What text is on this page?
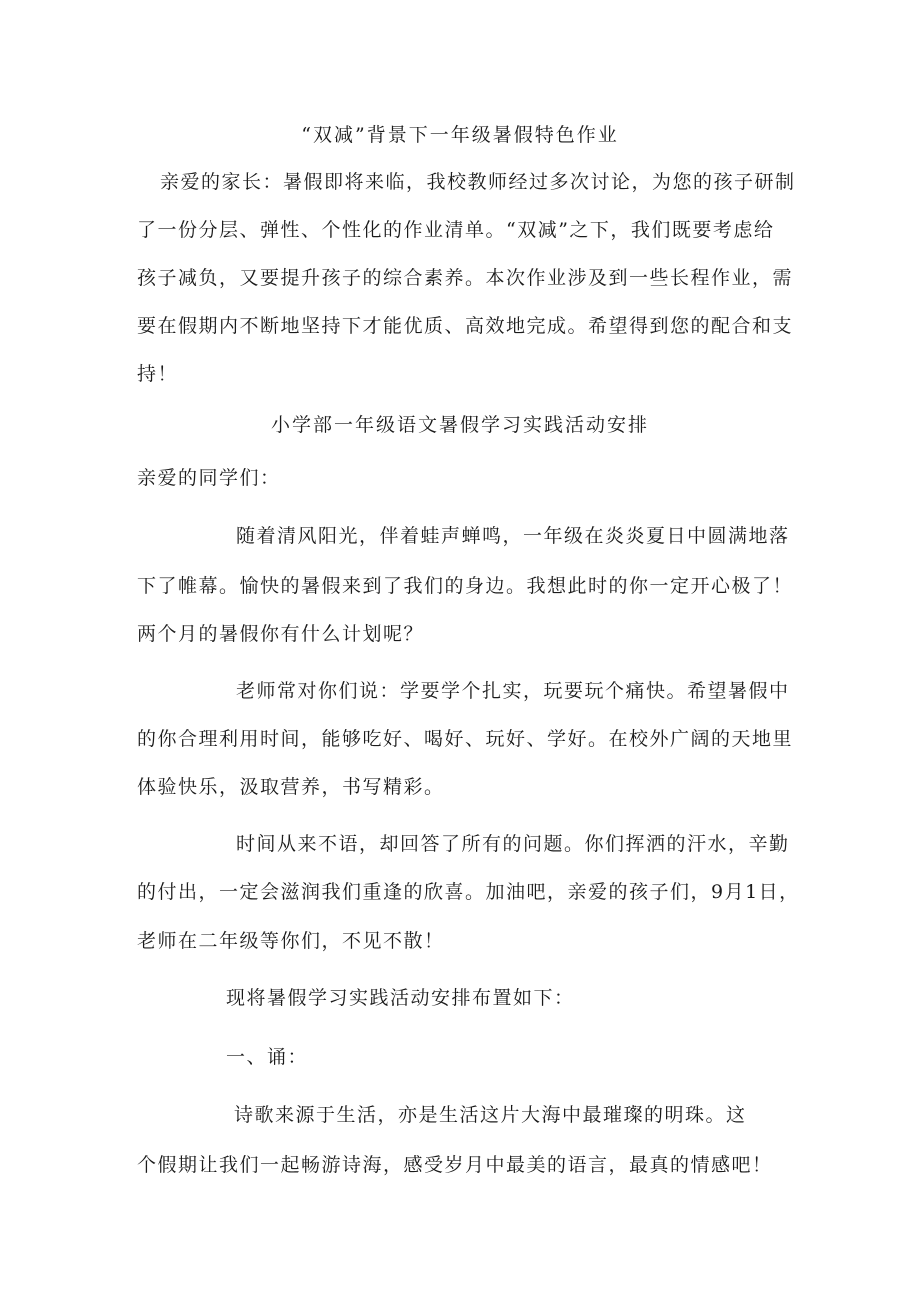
“双减”背景下一年级暑假特色作业
亲爱的家长：暑假即将来临，我校教师经过多次讨论，为您的孩子研制
了一份分层、弹性、个性化的作业清单。“双减”之下，我们既要考虑给
孩子减负，又要提升孩子的综合素养。本次作业涉及到一些长程作业，需
要在假期内不断地坚持下才能优质、高效地完成。希望得到您的配合和支
持！
小学部一年级语文暑假学习实践活动安排
亲爱的同学们：
随着清风阳光，伴着蛙声蝉鸣，一年级在炎炎夏日中圆满地落
下了帷幕。愉快的暑假来到了我们的身边。我想此时的你一定开心极了！
两个月的暑假你有什么计划呢？
老师常对你们说：学要学个扎实，玩要玩个痛快。希望暑假中
的你合理利用时间，能够吃好、喝好、玩好、学好。在校外广阔的天地里
体验快乐，汲取营养，书写精彩。
时间从来不语，却回答了所有的问题。你们挥洒的汗水，辛勤
的付出，一定会滋润我们重逢的欣喜。加油吧，亲爱的孩子们，9月1日，
老师在二年级等你们，不见不散！
现将暑假学习实践活动安排布置如下：
一、诵：
诗歌来源于生活，亦是生活这片大海中最璀璨的明珠。这
个假期让我们一起畅游诗海，感受岁月中最美的语言，最真的情感吧！
